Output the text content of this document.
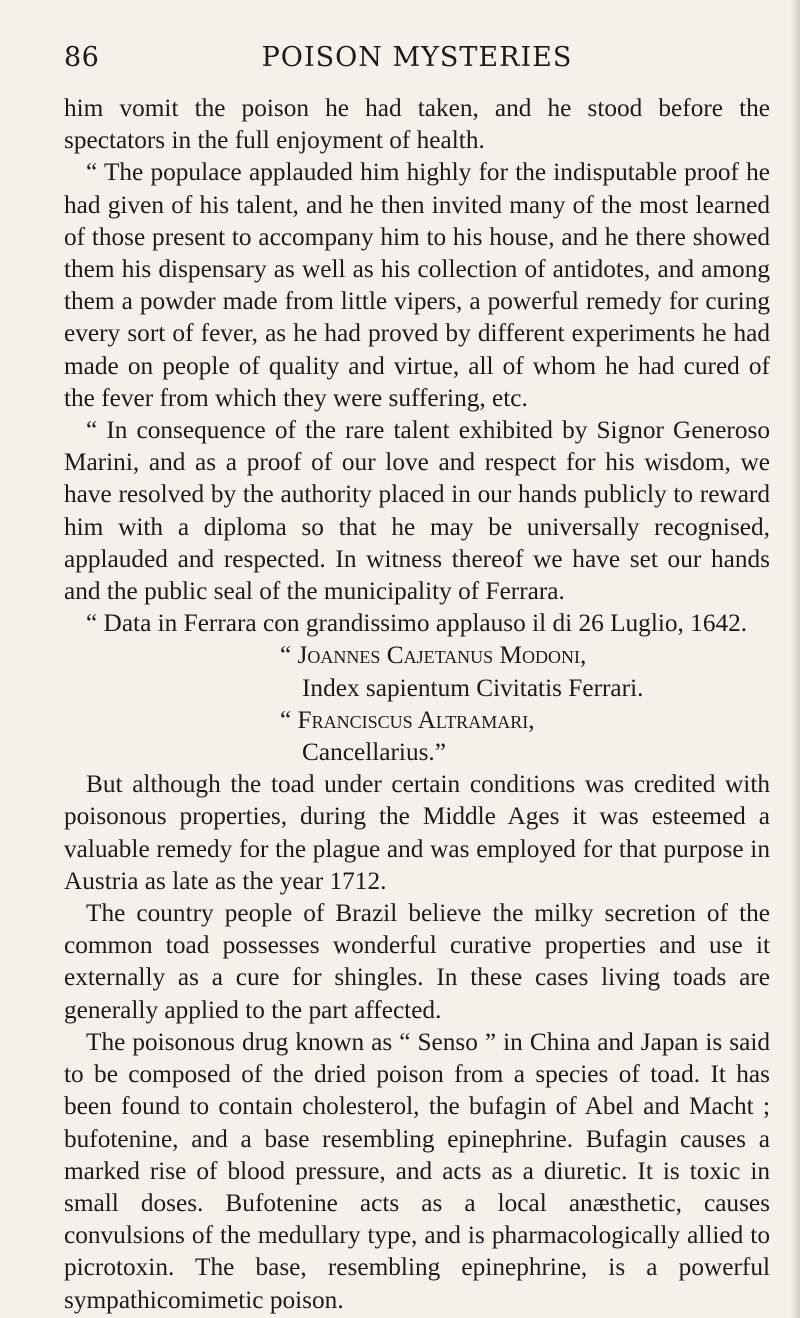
86	POISON MYSTERIES

him vomit the poison he had taken, and he stood before the spectators in the full enjoyment of health.

“ The populace applauded him highly for the indisputable proof he had given of his talent, and he then invited many of the most learned of those present to accompany him to his house, and he there showed them his dispensary as well as his collection of antidotes, and among them a powder made from little vipers, a powerful remedy for curing every sort of fever, as he had proved by different experiments he had made on people of quality and virtue, all of whom he had cured of the fever from which they were suffering, etc.

“ In consequence of the rare talent exhibited by Signor Generoso Marini, and as a proof of our love and respect for his wisdom, we have resolved by the authority placed in our hands publicly to reward him with a diploma so that he may be universally recognised, applauded and respected. In witness thereof we have set our hands and the public seal of the municipality of Ferrara.

“ Data in Ferrara con grandissimo applauso il di 26 Luglio, 1642.

“ Joannes Cajetanus Modoni,

Index sapientum Civitatis Ferrari.

“ Franciscus Altramari,

Cancellarius.”

But although the toad under certain conditions was credited with poisonous properties, during the Middle Ages it was esteemed a valuable remedy for the plague and was employed for that purpose in Austria as late as the year 1712.

The country people of Brazil believe the milky secretion of the common toad possesses wonderful curative properties and use it externally as a cure for shingles. In these cases living toads are generally applied to the part affected.

The poisonous drug known as “ Senso ” in China and Japan is said to be composed of the dried poison from a species of toad. It has been found to contain cholesterol, the bufagin of Abel and Macht ; bufotenine, and a base resembling epinephrine. Bufagin causes a marked rise of blood pressure, and acts as a diuretic. It is toxic in small doses. Bufotenine acts as a local anæsthetic, causes convulsions of the medullary type, and is pharmacologically allied to picrotoxin. The base, resembling epinephrine, is a powerful sympathicomimetic poison.
